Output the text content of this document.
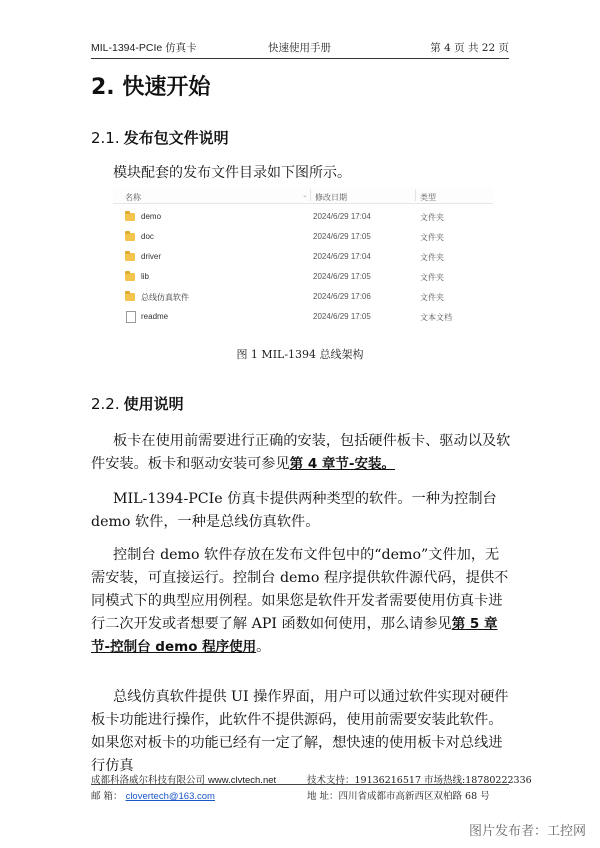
MIL-1394-PCIe 仿真卡	快速使用手册	第 4 页 共 22 页
2. 快速开始
2.1. 发布包文件说明
模块配套的发布文件目录如下图所示。
名称	⌄ 修改日期	类型
demo	2024/6/29 17:04	文件夹
doc	2024/6/29 17:05	文件夹
driver	2024/6/29 17:04	文件夹
lib	2024/6/29 17:05	文件夹
总线仿真软件	2024/6/29 17:06	文件夹
readme	2024/6/29 17:05	文本文档
图 1 MIL-1394 总线架构
2.2. 使用说明
板卡在使用前需要进行正确的安装，包括硬件板卡、驱动以及软件安装。板卡和驱动安装可参见第 4 章节-安装。
MIL-1394-PCIe 仿真卡提供两种类型的软件。一种为控制台 demo 软件，一种是总线仿真软件。
控制台 demo 软件存放在发布文件包中的“demo”文件加，无需安装，可直接运行。控制台 demo 程序提供软件源代码，提供不同模式下的典型应用例程。如果您是软件开发者需要使用仿真卡进行二次开发或者想要了解 API 函数如何使用，那么请参见第 5 章节-控制台 demo 程序使用。
总线仿真软件提供 UI 操作界面，用户可以通过软件实现对硬件板卡功能进行操作，此软件不提供源码，使用前需要安装此软件。如果您对板卡的功能已经有一定了解，想快速的使用板卡对总线进行仿真
成都科洛威尔科技有限公司 www.clvtech.net	技术支持：19136216517 市场热线:18780222336
邮 箱： clovertech@163.com	地 址：四川省成都市高新西区双柏路 68 号
图片发布者：工控网
